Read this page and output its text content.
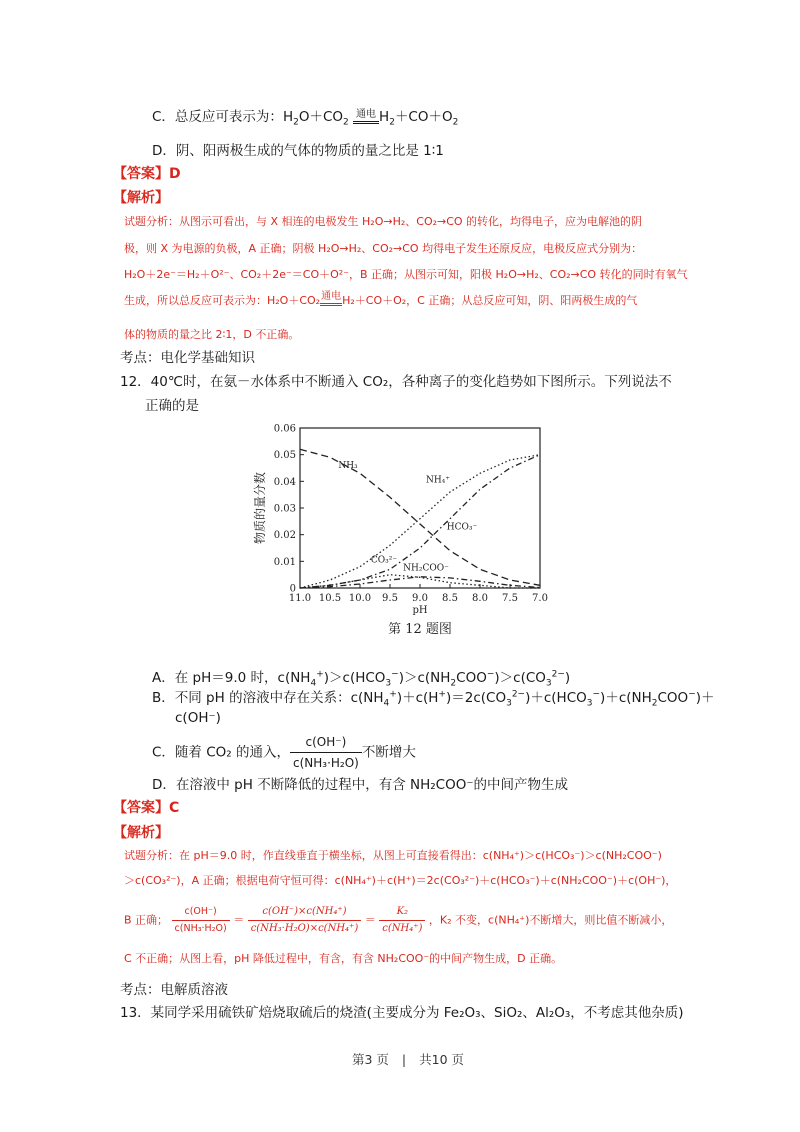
C．总反应可表示为：$H_2O+CO_2$
通电 $H_2+CO+O_2$
D．阴、阳两极生成的气体的物质的量之比是 1∶1
【答案】D
【解析】
试题分析：从图示可看出，与 X 相连的电极发生 H₂O→H₂、CO₂→CO 的转化，均得电子，应为电解池的阴
极，则 X 为电源的负极，A 正确；阴极 H₂O→H₂、CO₂→CO 均得电子发生还原反应，电极反应式分别为：
H₂O＋2e⁻＝H₂＋O²⁻、CO₂＋2e⁻＝CO＋O²⁻，B 正确；从图示可知，阳极 H₂O→H₂、CO₂→CO 转化的同时有氧气
生成，所以总反应可表示为：H₂O＋CO₂ 通电 H₂＋CO＋O₂，C 正确；从总反应可知，阴、阳两极生成的气
体的物质的量之比 2∶1，D 不正确。
考点：电化学基础知识
12．40℃时，在氨－水体系中不断通入 CO₂，各种离子的变化趋势如下图所示。下列说法不
正确的是
11.0 10.5 10.0 9.5 9.0 8.5 8.0 7.5 7.0
0
0.01
0.02
0.03
0.04
0.05
0.06
pH
物质的量分数
NH₃
NH₄⁺
HCO₃⁻
CO₃²⁻
NH₂COO⁻
第 12 题图
A．在 pH＝9.0 时，$c(NH_4^+)>c(HCO_3^-)>c(NH_2COO^-)>c(CO_3^{2-})$
B．不同 pH 的溶液中存在关系：$c(NH_4^+)+c(H^+)=2c(CO_3^{2-})+c(HCO_3^-)+c(NH_2COO^-)+$
c(OH⁻)
C．随着 CO₂ 的通入， $\frac{c(OH^-)}{\text{c(NH₃·H₂O)}}$ 不断增大
D．在溶液中 pH 不断降低的过程中，有含 NH₂COO⁻的中间产物生成
【答案】C
【解析】
试题分析：在 pH＝9.0 时，作直线垂直于横坐标，从图上可直接看得出：c(NH₄⁺)＞c(HCO₃⁻)＞c(NH₂COO⁻)
＞c(CO₃²⁻)，A 正确；根据电荷守恒可得：c(NH₄⁺)＋c(H⁺)＝2c(CO₃²⁻)＋c(HCO₃⁻)＋c(NH₂COO⁻)＋c(OH⁻)，
B 正确； $\frac{c(OH^-)}{\text{c(NH₃·H₂O)}} = \frac{\text{c(OH⁻)×c(NH₄⁺)}}{\text{c(NH₃·H₂O)×c(NH₄⁺)}} = \frac{\text{K₂}}{\text{c(NH₄⁺)}}$ ，K₂ 不变，c(NH₄⁺)不断增大，则比值不断减小，
C 不正确；从图上看，pH 降低过程中，有含，有含 NH₂COO⁻的中间产物生成，D 正确。
考点：电解质溶液
13．某同学采用硫铁矿焙烧取硫后的烧渣(主要成分为 Fe₂O₃、SiO₂、Al₂O₃，不考虑其他杂质)
第3 页 | 共10 页
